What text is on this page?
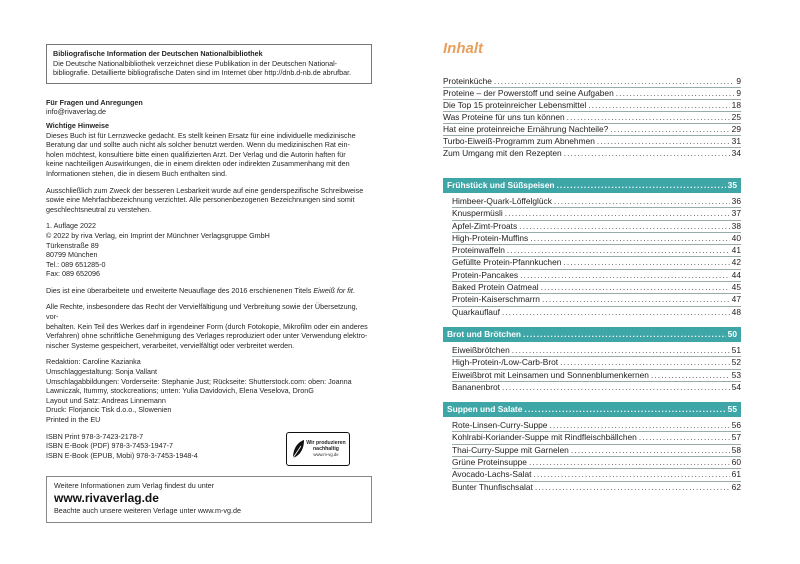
Bibliografische Information der Deutschen Nationalbibliothek

Die Deutsche Nationalbibliothek verzeichnet diese Publikation in der Deutschen National-

bibliografie. Detaillierte bibliografische Daten sind im Internet über http://dnb.d-nb.de abrufbar.

Für Fragen und Anregungen

info@rivaverlag.de

Wichtige Hinweise

Dieses Buch ist für Lernzwecke gedacht. Es stellt keinen Ersatz für eine individuelle medizinische

Beratung dar und sollte auch nicht als solcher benutzt werden. Wenn du medizinischen Rat ein-

holen möchtest, konsultiere bitte einen qualifizierten Arzt. Der Verlag und die Autorin haften für

keine nachteiligen Auswirkungen, die in einem direkten oder indirekten Zusammenhang mit den

Informationen stehen, die in diesem Buch enthalten sind.

Ausschließlich zum Zweck der besseren Lesbarkeit wurde auf eine genderspezifische Schreibweise

sowie eine Mehrfachbezeichnung verzichtet. Alle personenbezogenen Bezeichnungen sind somit

geschlechtsneutral zu verstehen.

1. Auflage 2022

© 2022 by riva Verlag, ein Imprint der Münchner Verlagsgruppe GmbH

Türkenstraße 89

80799 München

Tel.: 089 651285-0

Fax: 089 652096

Dies ist eine überarbeitete und erweiterte Neuauflage des 2016 erschienenen Titels Eiweiß for fit.

Alle Rechte, insbesondere das Recht der Vervielfältigung und Verbreitung sowie der Übersetzung, vor-

behalten. Kein Teil des Werkes darf in irgendeiner Form (durch Fotokopie, Mikrofilm oder ein anderes

Verfahren) ohne schriftliche Genehmigung des Verlages reproduziert oder unter Verwendung elektro-

nischer Systeme gespeichert, verarbeitet, vervielfältigt oder verbreitet werden.

Redaktion: Caroline Kazianka

Umschlaggestaltung: Sonja Vallant

Umschlagabbildungen: Vorderseite: Stephanie Just; Rückseite: Shutterstock.com: oben: Joanna

Lawniczak, Itummy, stockcreations; unten: Yulia Davidovich, Elena Veselova, DronG

Layout und Satz: Andreas Linnemann

Druck: Florjancic Tisk d.o.o., Slowenien

Printed in the EU

ISBN Print 978-3-7423-2178-7

ISBN E-Book (PDF) 978-3-7453-1947-7

ISBN E-Book (EPUB, Mobi) 978-3-7453-1948-4

Wir produzieren
nachhaltig
www.m-vg.de

Weitere Informationen zum Verlag findest du unter

www.rivaverlag.de

Beachte auch unsere weiteren Verlage unter www.m-vg.de

Inhalt
Proteinküche .....	9
Proteine – der Powerstoff und seine Aufgaben .....	9
Die Top 15 proteinreicher Lebensmittel .....	18
Was Proteine für uns tun können .....	25
Hat eine proteinreiche Ernährung Nachteile? .....	29
Turbo-Eiweiß-Programm zum Abnehmen .....	31
Zum Umgang mit den Rezepten .....	34
Frühstück und Süßspeisen .....	35
Himbeer-Quark-Löffelglück .....	36
Knuspermüsli .....	37
Apfel-Zimt-Proats .....	38
High-Protein-Muffins .....	40
Proteinwaffeln .....	41
Gefüllte Protein-Pfannkuchen .....	42
Protein-Pancakes .....	44
Baked Protein Oatmeal .....	45
Protein-Kaiserschmarrn .....	47
Quarkauflauf .....	48
Brot und Brötchen .....	50
Eiweißbrötchen .....	51
High-Protein-/Low-Carb-Brot .....	52
Eiweißbrot mit Leinsamen und Sonnenblumenkernen .....	53
Bananenbrot .....	54
Suppen und Salate .....	55
Rote-Linsen-Curry-Suppe .....	56
Kohlrabi-Koriander-Suppe mit Rindfleischbällchen .....	57
Thai-Curry-Suppe mit Garnelen .....	58
Grüne Proteinsuppe .....	60
Avocado-Lachs-Salat .....	61
Bunter Thunfischsalat .....	62
